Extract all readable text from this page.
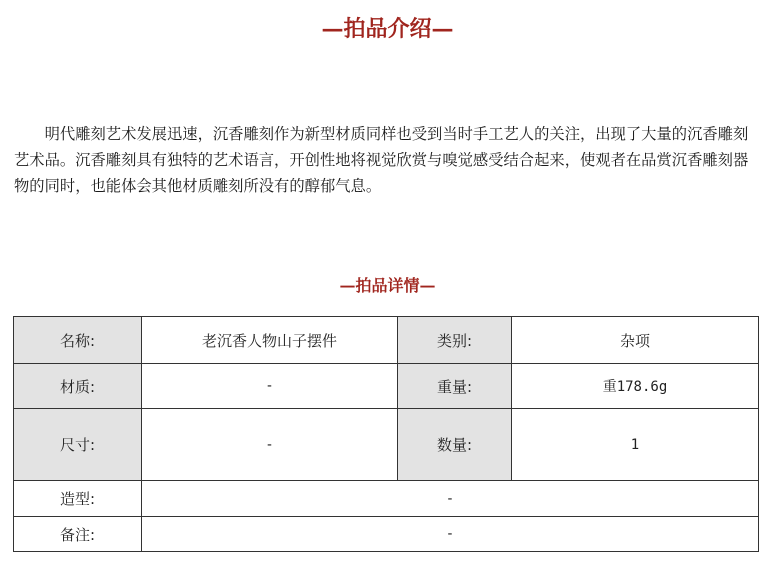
—拍品介绍—

明代雕刻艺术发展迅速，沉香雕刻作为新型材质同样也受到当时手工艺人的关注，出现了大量的沉香雕刻艺术品。沉香雕刻具有独特的艺术语言，开创性地将视觉欣赏与嗅觉感受结合起来，使观者在品赏沉香雕刻器物的同时，也能体会其他材质雕刻所没有的醇郁气息。

—拍品详情—
名称:	老沉香人物山子摆件	类别:	杂项
材质:	-	重量:	重178.6g
尺寸:	-	数量:	1
造型:	-		
备注:	-		
